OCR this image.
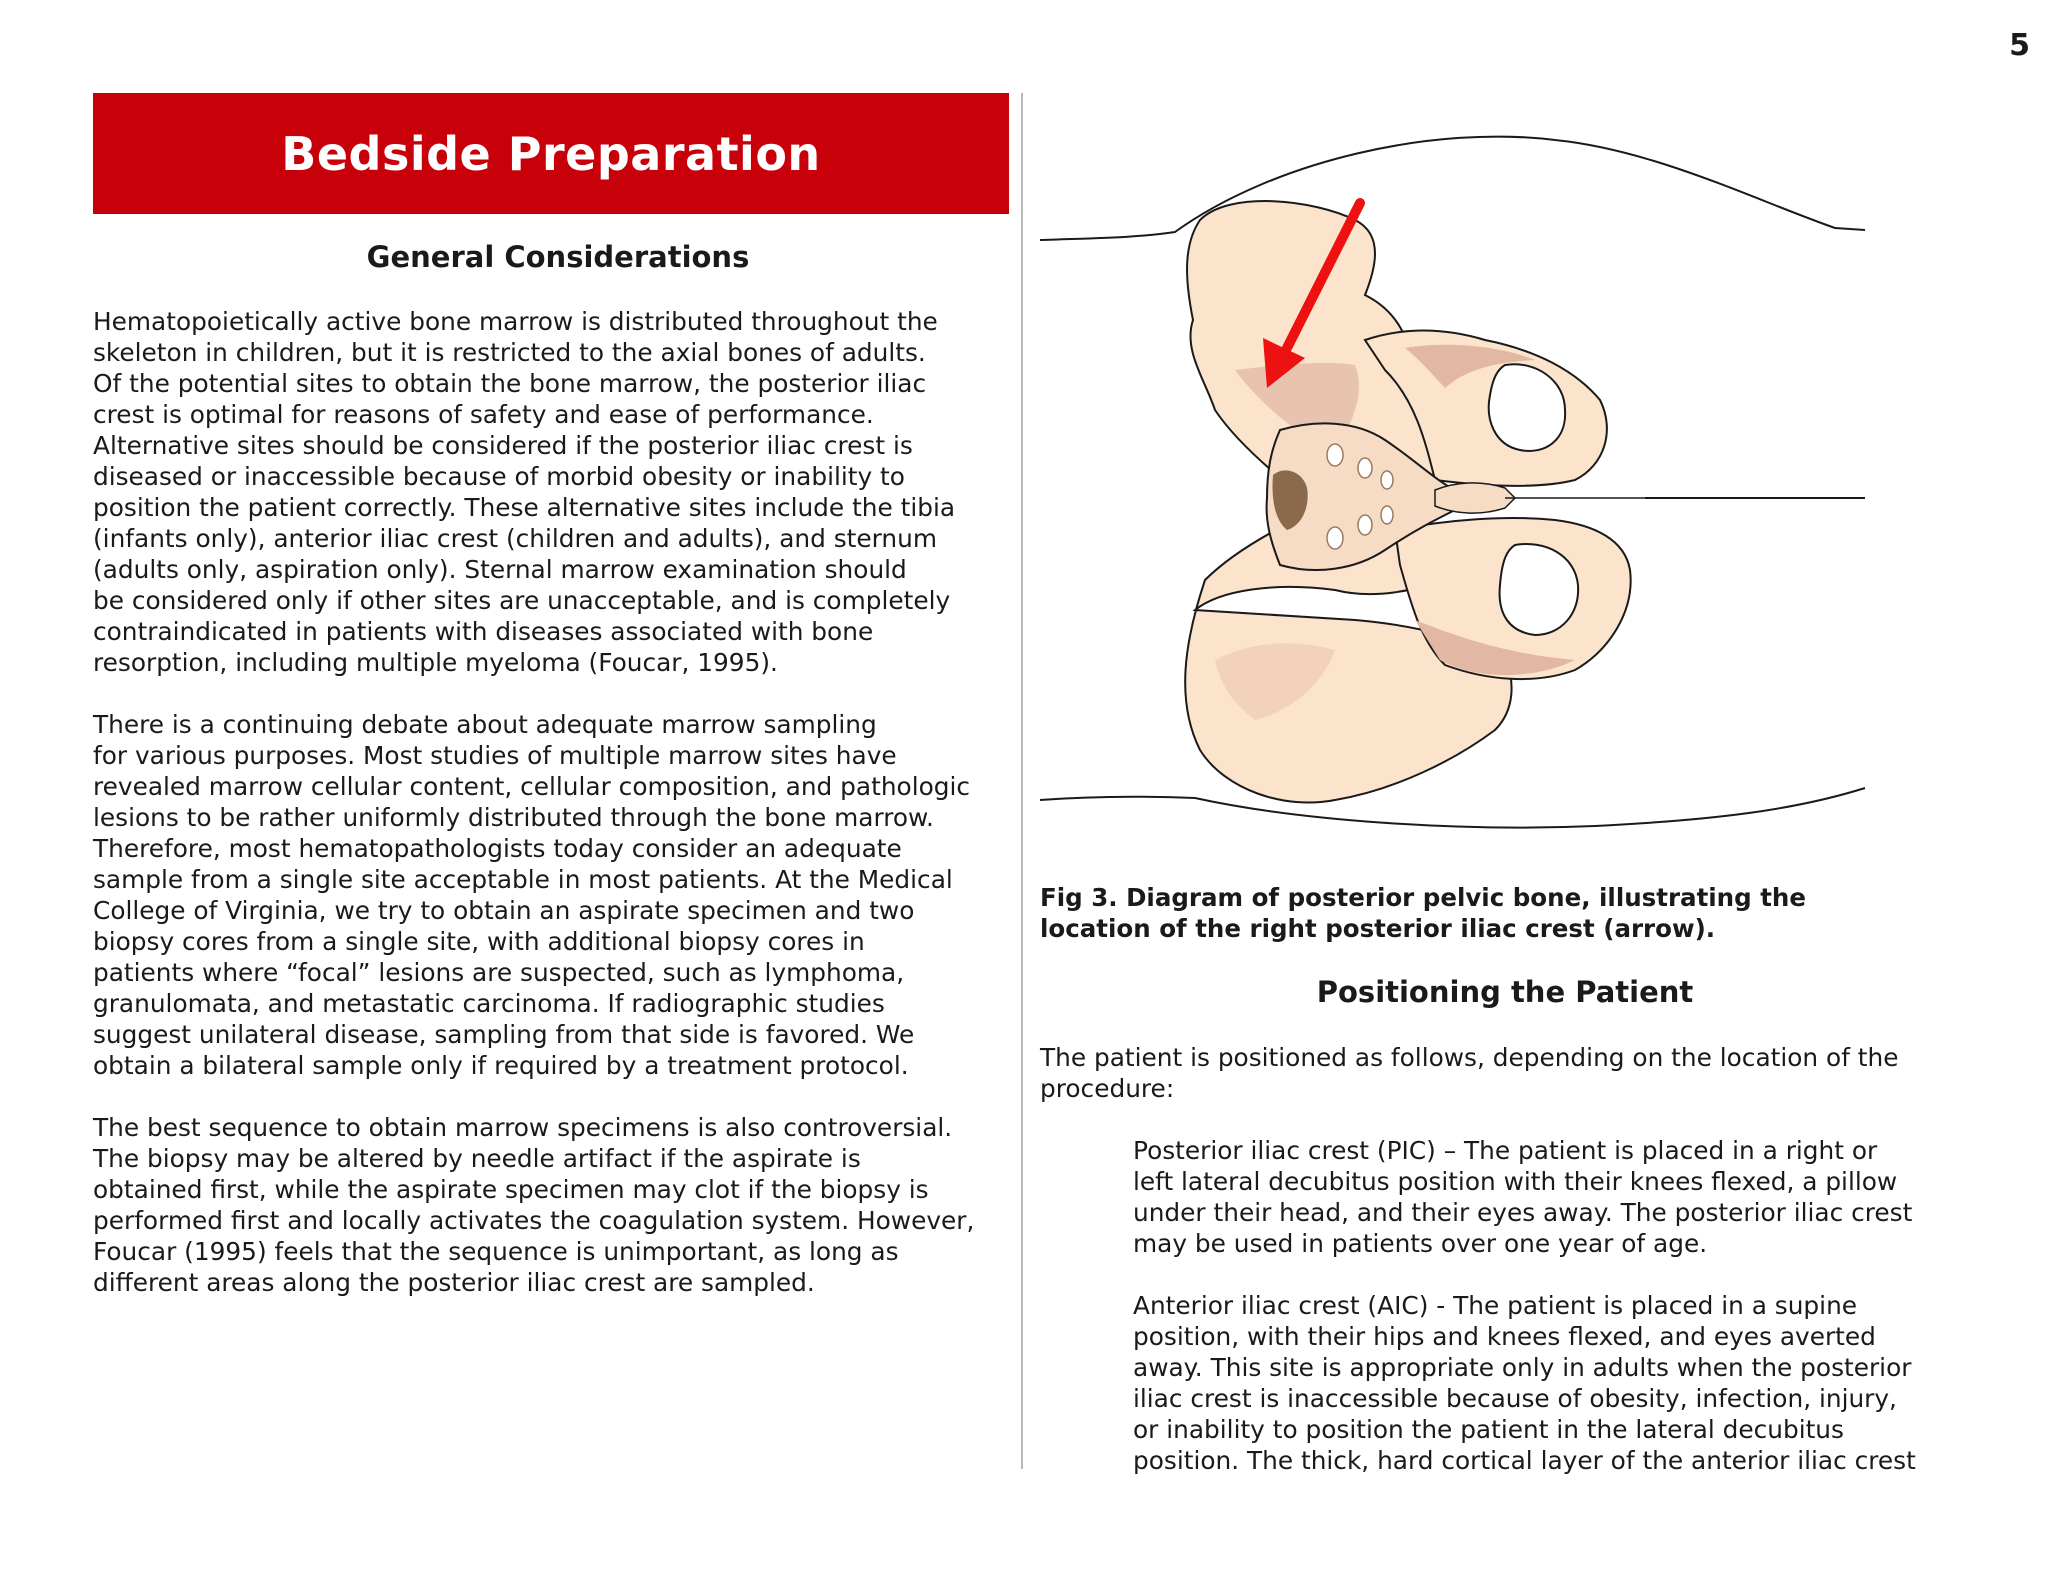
5
Bedside Preparation
General Considerations

Hematopoietically active bone marrow is distributed throughout the
skeleton in children, but it is restricted to the axial bones of adults.
Of the potential sites to obtain the bone marrow, the posterior iliac
crest is optimal for reasons of safety and ease of performance.
Alternative sites should be considered if the posterior iliac crest is
diseased or inaccessible because of morbid obesity or inability to
position the patient correctly. These alternative sites include the tibia
(infants only), anterior iliac crest (children and adults), and sternum
(adults only, aspiration only). Sternal marrow examination should
be considered only if other sites are unacceptable, and is completely
contraindicated in patients with diseases associated with bone
resorption, including multiple myeloma (Foucar, 1995).

There is a continuing debate about adequate marrow sampling
for various purposes. Most studies of multiple marrow sites have
revealed marrow cellular content, cellular composition, and pathologic
lesions to be rather uniformly distributed through the bone marrow.
Therefore, most hematopathologists today consider an adequate
sample from a single site acceptable in most patients. At the Medical
College of Virginia, we try to obtain an aspirate specimen and two
biopsy cores from a single site, with additional biopsy cores in
patients where “focal” lesions are suspected, such as lymphoma,
granulomata, and metastatic carcinoma. If radiographic studies
suggest unilateral disease, sampling from that side is favored. We
obtain a bilateral sample only if required by a treatment protocol.

The best sequence to obtain marrow specimens is also controversial.
The biopsy may be altered by needle artifact if the aspirate is
obtained first, while the aspirate specimen may clot if the biopsy is
performed first and locally activates the coagulation system. However,
Foucar (1995) feels that the sequence is unimportant, as long as
different areas along the posterior iliac crest are sampled.

Fig 3. Diagram of posterior pelvic bone, illustrating the
location of the right posterior iliac crest (arrow).
Positioning the Patient

The patient is positioned as follows, depending on the location of the
procedure:

Posterior iliac crest (PIC) – The patient is placed in a right or
left lateral decubitus position with their knees flexed, a pillow
under their head, and their eyes away. The posterior iliac crest
may be used in patients over one year of age.

Anterior iliac crest (AIC) - The patient is placed in a supine
position, with their hips and knees flexed, and eyes averted
away. This site is appropriate only in adults when the posterior
iliac crest is inaccessible because of obesity, infection, injury,
or inability to position the patient in the lateral decubitus
position. The thick, hard cortical layer of the anterior iliac crest
